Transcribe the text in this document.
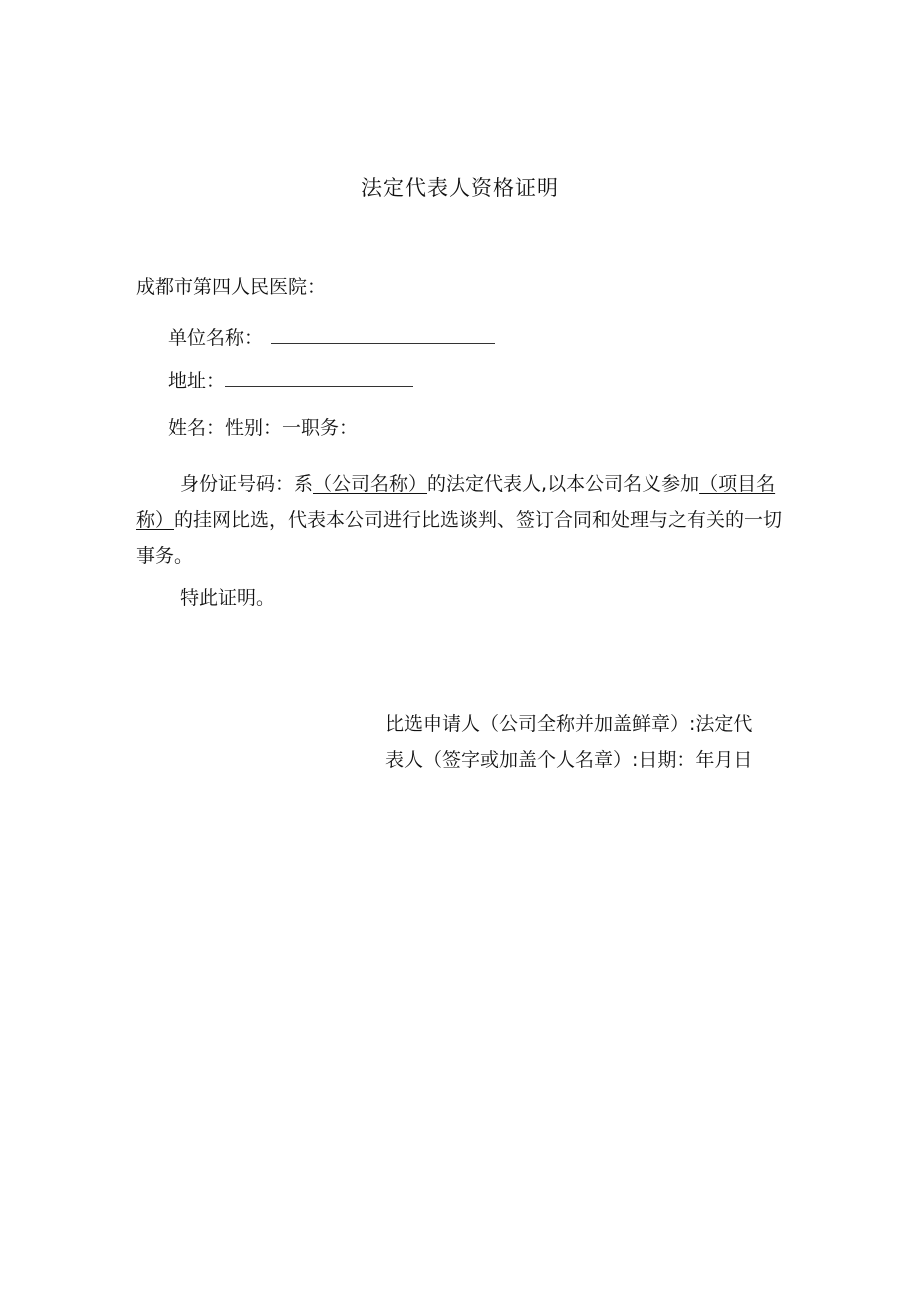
法定代表人资格证明
成都市第四人民医院：
单位名称：
地址：
姓名：性别：一职务：
身份证号码：系（公司名称）的法定代表人,以本公司名义参加（项目名称）的挂网比选，代表本公司进行比选谈判、签订合同和处理与之有关的一切事务。
特此证明。
比选申请人（公司全称并加盖鲜章）:法定代
表人（签字或加盖个人名章）:日期：年月日
